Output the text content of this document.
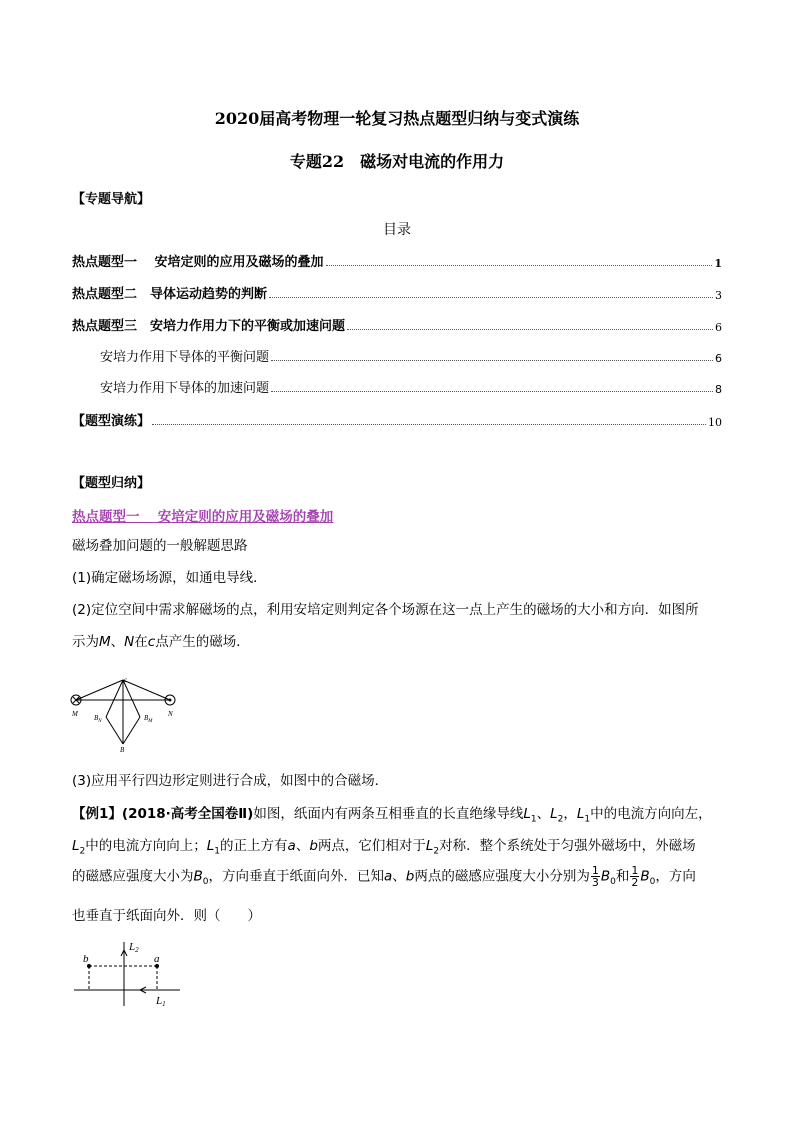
2020届高考物理一轮复习热点题型归纳与变式演练
专题22　磁场对电流的作用力
【专题导航】
目录
热点题型一　 安培定则的应用及磁场的叠加	1
热点题型二　导体运动趋势的判断	3
热点题型三　安培力作用力下的平衡或加速问题	6
安培力作用下导体的平衡问题	6
安培力作用下导体的加速问题	8
【题型演练】	10
【题型归纳】
热点题型一　 安培定则的应用及磁场的叠加
磁场叠加问题的一般解题思路
(1)确定磁场场源，如通电导线．
(2)定位空间中需求解磁场的点，利用安培定则判定各个场源在这一点上产生的磁场的大小和方向．如图所
示为M、N在c点产生的磁场．
c
M	N
$B_N$	$B_M$
B
(3)应用平行四边形定则进行合成，如图中的合磁场．
【例1】(2018·高考全国卷Ⅱ)如图，纸面内有两条互相垂直的长直绝缘导线$L_1$、$L_2$，$L_1$中的电流方向向左，
$L_2$中的电流方向向上；$L_1$的正上方有a、b两点，它们相对于$L_2$对称．整个系统处于匀强外磁场中，外磁场
的磁感应强度大小为$B_0$，方向垂直于纸面向外．已知a、b两点的磁感应强度大小分别为 $\frac{1}{3} B_0$和 $\frac{1}{2} B_0$，方向
也垂直于纸面向外．则（　　）
L2
L1
b	a
